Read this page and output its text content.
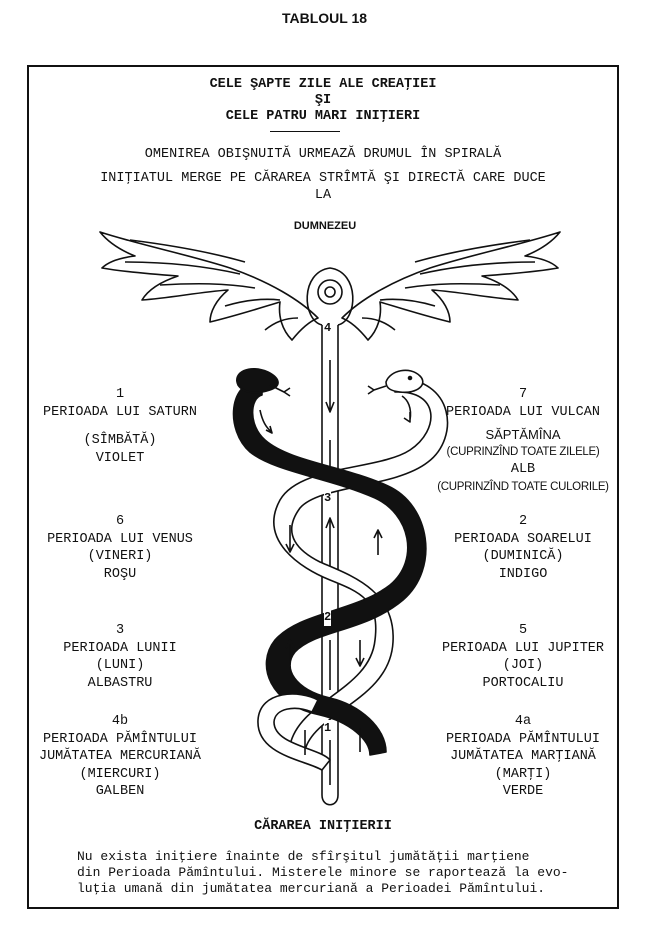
TABLOUL 18
CELE ŞAPTE ZILE ALE CREAŢIEI
ŞI
CELE PATRU MARI INIŢIERI
OMENIREA OBIŞNUITĂ URMEAZĂ DRUMUL ÎN SPIRALĂ
INIŢIATUL MERGE PE CĂRAREA STRÎMTĂ ŞI DIRECTĂ CARE DUCE
LA
DUMNEZEU
4
3
2
1
1
PERIOADA LUI SATURN
(SÎMBĂTĂ)
VIOLET
6
PERIOADA LUI VENUS
(VINERI)
ROŞU
3
PERIOADA LUNII
(LUNI)
ALBASTRU
4b
PERIOADA PĂMÎNTULUI
JUMĂTATEA MERCURIANĂ
(MIERCURI)
GALBEN
7
PERIOADA LUI VULCAN
SĂPTĂMÎNA
(CUPRINZÎND TOATE ZILELE)
ALB
(CUPRINZÎND TOATE CULORILE)
2
PERIOADA SOARELUI
(DUMINICĂ)
INDIGO
5
PERIOADA LUI JUPITER
(JOI)
PORTOCALIU
4a
PERIOADA PĂMÎNTULUI
JUMĂTATEA MARŢIANĂ
(MARŢI)
VERDE
CĂRAREA INIŢIERII
Nu exista iniţiere înainte de sfîrşitul jumătăţii marţiene
din Perioada Pămîntului. Misterele minore se raportează la evo-
luţia umană din jumătatea mercuriană a Perioadei Pămîntului.
